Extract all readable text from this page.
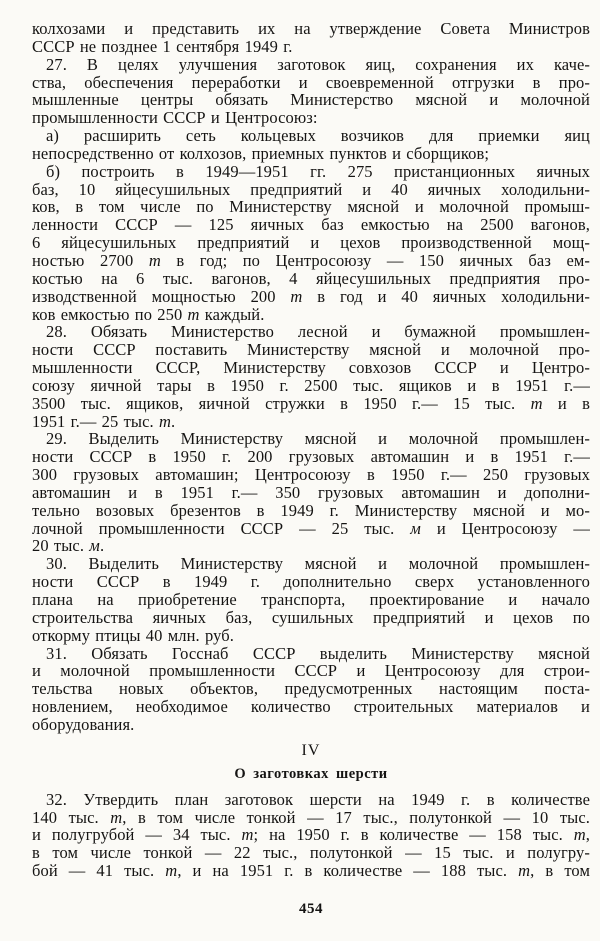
колхозами и представить их на утверждение Совета Министров
СССР не позднее 1 сентября 1949 г.
27. В целях улучшения заготовок яиц, сохранения их каче-
ства, обеспечения переработки и своевременной отгрузки в про-
мышленные центры обязать Министерство мясной и молочной
промышленности СССР и Центросоюз:
а) расширить сеть кольцевых возчиков для приемки яиц
непосредственно от колхозов, приемных пунктов и сборщиков;
б) построить в 1949—1951 гг. 275 пристанционных яичных
баз, 10 яйцесушильных предприятий и 40 яичных холодильни-
ков, в том числе по Министерству мясной и молочной промыш-
ленности СССР — 125 яичных баз емкостью на 2500 вагонов,
6 яйцесушильных предприятий и цехов производственной мощ-
ностью 2700 т в год; по Центросоюзу — 150 яичных баз ем-
костью на 6 тыс. вагонов, 4 яйцесушильных предприятия про-
изводственной мощностью 200 т в год и 40 яичных холодильни-
ков емкостью по 250 т каждый.
28. Обязать Министерство лесной и бумажной промышлен-
ности СССР поставить Министерству мясной и молочной про-
мышленности СССР, Министерству совхозов СССР и Центро-
союзу яичной тары в 1950 г. 2500 тыс. ящиков и в 1951 г.—
3500 тыс. ящиков, яичной стружки в 1950 г.— 15 тыс. т и в
1951 г.— 25 тыс. т.
29. Выделить Министерству мясной и молочной промышлен-
ности СССР в 1950 г. 200 грузовых автомашин и в 1951 г.—
300 грузовых автомашин; Центросоюзу в 1950 г.— 250 грузовых
автомашин и в 1951 г.— 350 грузовых автомашин и дополни-
тельно возовых брезентов в 1949 г. Министерству мясной и мо-
лочной промышленности СССР — 25 тыс. м и Центросоюзу —
20 тыс. м.
30. Выделить Министерству мясной и молочной промышлен-
ности СССР в 1949 г. дополнительно сверх установленного
плана на приобретение транспорта, проектирование и начало
строительства яичных баз, сушильных предприятий и цехов по
откорму птицы 40 млн. руб.
31. Обязать Госснаб СССР выделить Министерству мясной
и молочной промышленности СССР и Центросоюзу для строи-
тельства новых объектов, предусмотренных настоящим поста-
новлением, необходимое количество строительных материалов и
оборудования.
IV
О заготовках шерсти
32. Утвердить план заготовок шерсти на 1949 г. в количестве
140 тыс. т, в том числе тонкой — 17 тыс., полутонкой — 10 тыс.
и полугрубой — 34 тыс. т; на 1950 г. в количестве — 158 тыс. т,
в том числе тонкой — 22 тыс., полутонкой — 15 тыс. и полугру-
бой — 41 тыс. т, и на 1951 г. в количестве — 188 тыс. т, в том
454
